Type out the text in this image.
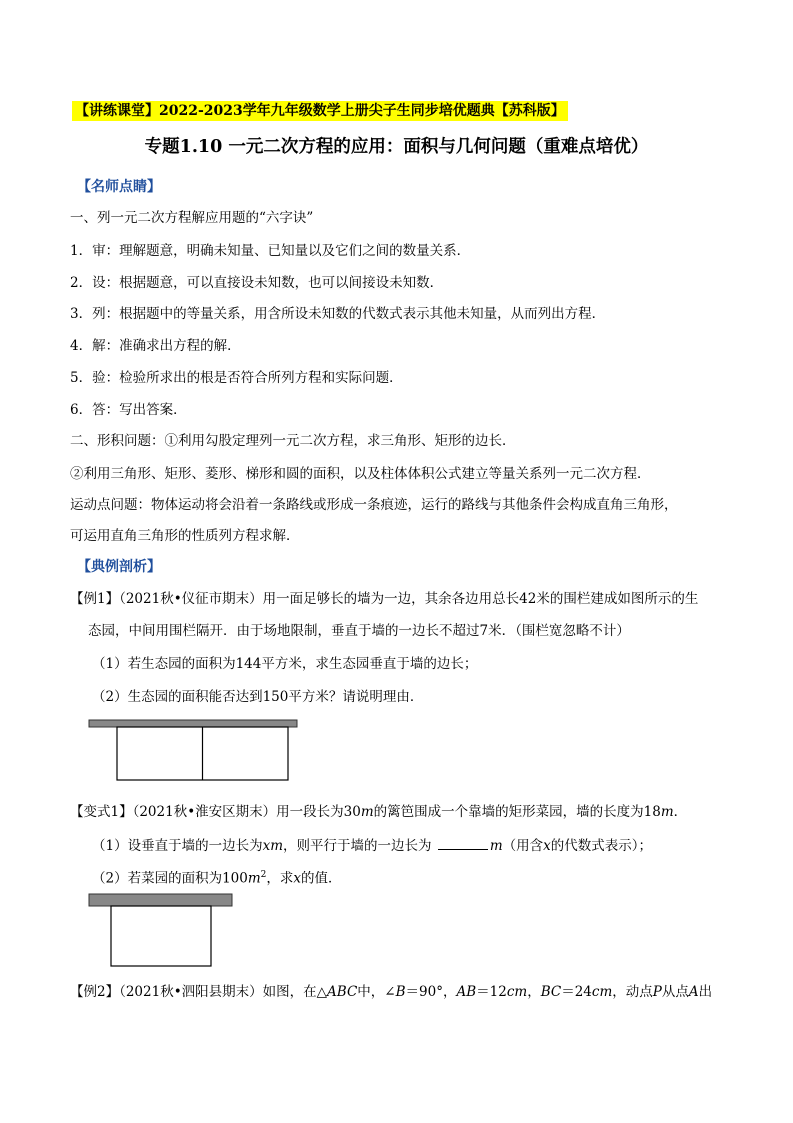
【讲练课堂】2022-2023学年九年级数学上册尖子生同步培优题典【苏科版】
专题1.10 一元二次方程的应用：面积与几何问题（重难点培优）
【名师点睛】
一、列一元二次方程解应用题的“六字诀”
1．审：理解题意，明确未知量、已知量以及它们之间的数量关系．
2．设：根据题意，可以直接设未知数，也可以间接设未知数．
3．列：根据题中的等量关系，用含所设未知数的代数式表示其他未知量，从而列出方程．
4．解：准确求出方程的解．
5．验：检验所求出的根是否符合所列方程和实际问题．
6．答：写出答案．
二、形积问题：①利用勾股定理列一元二次方程，求三角形、矩形的边长．
②利用三角形、矩形、菱形、梯形和圆的面积，以及柱体体积公式建立等量关系列一元二次方程．
运动点问题：物体运动将会沿着一条路线或形成一条痕迹，运行的路线与其他条件会构成直角三角形，
可运用直角三角形的性质列方程求解．
【典例剖析】
【例1】（2021秋•仪征市期末）用一面足够长的墙为一边，其余各边用总长42米的围栏建成如图所示的生
态园，中间用围栏隔开．由于场地限制，垂直于墙的一边长不超过7米．（围栏宽忽略不计）
（1）若生态园的面积为144平方米，求生态园垂直于墙的边长；
（2）生态园的面积能否达到150平方米？请说明理由．
【变式1】（2021秋•淮安区期末）用一段长为30m的篱笆围成一个靠墙的矩形菜园，墙的长度为18m．
（1）设垂直于墙的一边长为xm，则平行于墙的一边长为	m（用含x的代数式表示）；
（2）若菜园的面积为$100m^2$，求x的值．
【例2】（2021秋•泗阳县期末）如图，在△ABC中，∠B＝90°，AB＝12cm，BC＝24cm，动点P从点A出
